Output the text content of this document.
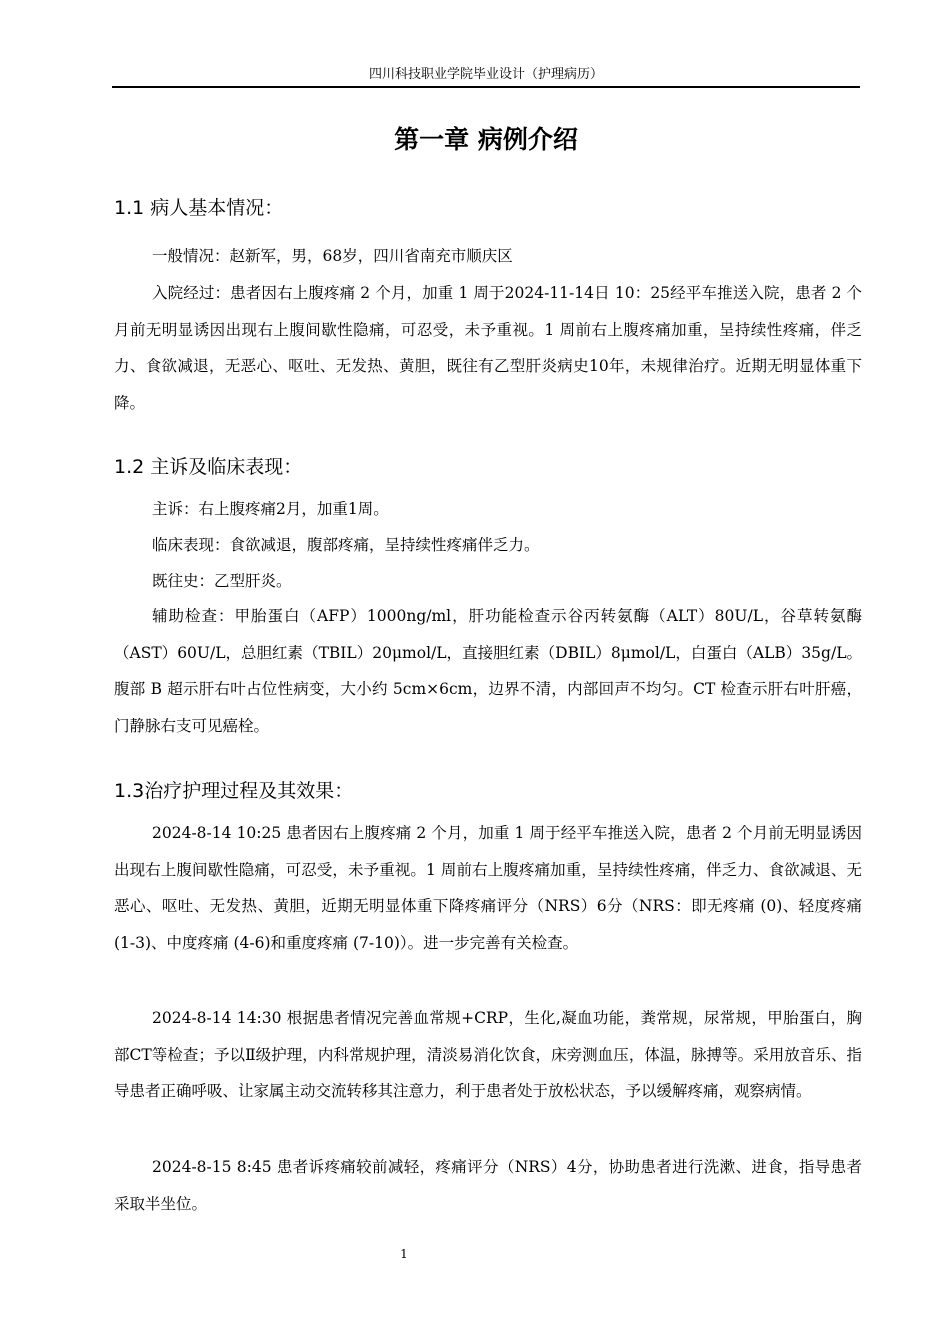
四川科技职业学院毕业设计（护理病历）
第一章 病例介绍
1.1 病人基本情况：

一般情况：赵新军，男，68岁，四川省南充市顺庆区

入院经过：患者因右上腹疼痛 2 个月，加重 1 周于2024-11-14日 10：25经平车推送入院，患者 2 个月前无明显诱因出现右上腹间歇性隐痛，可忍受，未予重视。1 周前右上腹疼痛加重，呈持续性疼痛，伴乏力、食欲减退，无恶心、呕吐、无发热、黄胆，既往有乙型肝炎病史10年，未规律治疗。近期无明显体重下降。

1.2 主诉及临床表现：

主诉：右上腹疼痛2月，加重1周。

临床表现：食欲减退，腹部疼痛，呈持续性疼痛伴乏力。

既往史：乙型肝炎。

辅助检查：甲胎蛋白（AFP）1000ng/ml，肝功能检查示谷丙转氨酶（ALT）80U/L，谷草转氨酶（AST）60U/L，总胆红素（TBIL）20μmol/L，直接胆红素（DBIL）8μmol/L，白蛋白（ALB）35g/L。腹部 B 超示肝右叶占位性病变，大小约 5cm×6cm，边界不清，内部回声不均匀。CT 检查示肝右叶肝癌，门静脉右支可见癌栓。

1.3治疗护理过程及其效果：

2024-8-14 10:25 患者因右上腹疼痛 2 个月，加重 1 周于经平车推送入院，患者 2 个月前无明显诱因出现右上腹间歇性隐痛，可忍受，未予重视。1 周前右上腹疼痛加重，呈持续性疼痛，伴乏力、食欲减退、无恶心、呕吐、无发热、黄胆，近期无明显体重下降疼痛评分（NRS）6分（NRS：即无疼痛 (0)、轻度疼痛 (1-3)、中度疼痛 (4-6)和重度疼痛 (7-10)）。进一步完善有关检查。

2024-8-14 14:30 根据患者情况完善血常规+CRP，生化,凝血功能，粪常规，尿常规，甲胎蛋白，胸部CT等检查；予以Ⅱ级护理，内科常规护理，清淡易消化饮食，床旁测血压，体温，脉搏等。采用放音乐、指导患者正确呼吸、让家属主动交流转移其注意力，利于患者处于放松状态，予以缓解疼痛，观察病情。

2024-8-15 8:45 患者诉疼痛较前减轻，疼痛评分（NRS）4分，协助患者进行洗漱、进食，指导患者采取半坐位。

1
